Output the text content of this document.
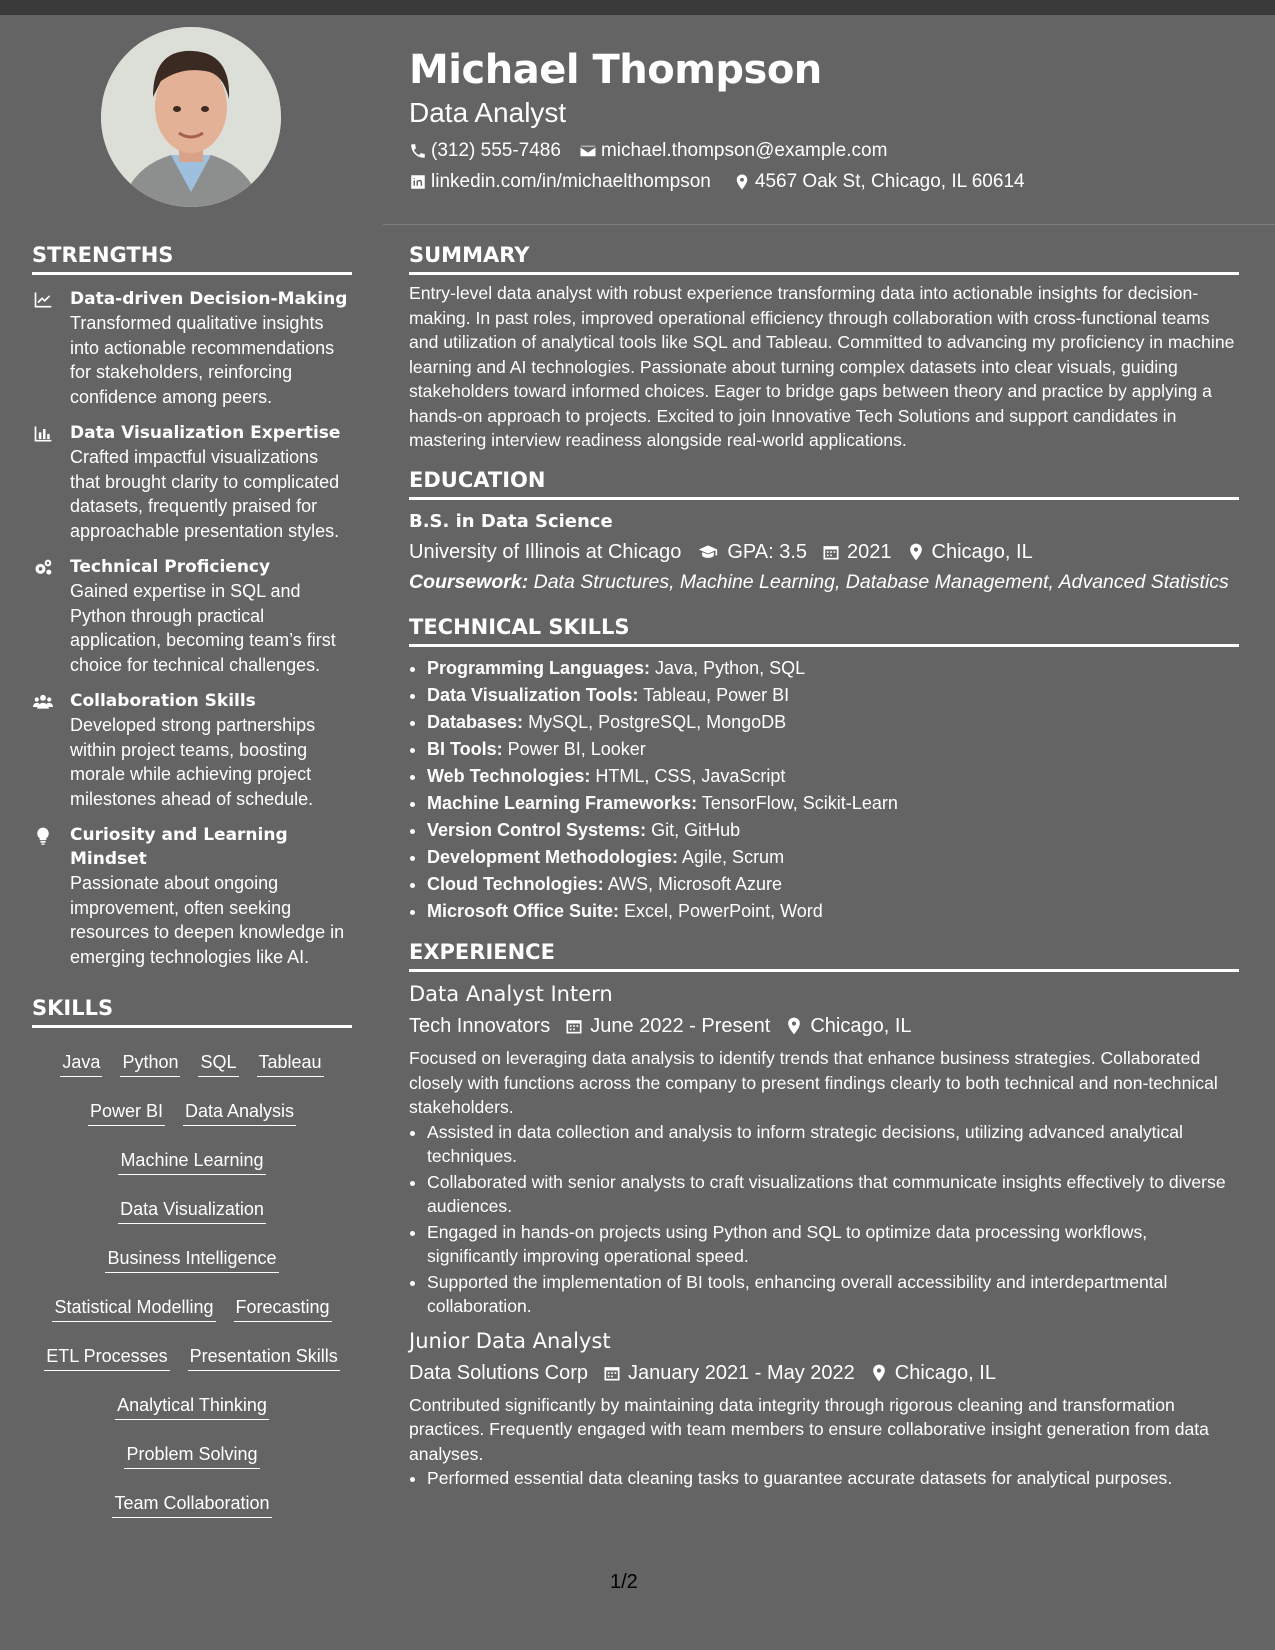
Michael Thompson
Data Analyst
(312) 555-7486 michael.thompson@example.com
linkedin.com/in/michaelthompson 4567 Oak St, Chicago, IL 60614
STRENGTHS
Data-driven Decision-Making
Transformed qualitative insights into actionable recommendations for stakeholders, reinforcing confidence among peers.
Data Visualization Expertise
Crafted impactful visualizations that brought clarity to complicated datasets, frequently praised for approachable presentation styles.
Technical Proficiency
Gained expertise in SQL and Python through practical application, becoming team’s first choice for technical challenges.
Collaboration Skills
Developed strong partnerships within project teams, boosting morale while achieving project milestones ahead of schedule.
Curiosity and Learning Mindset
Passionate about ongoing improvement, often seeking resources to deepen knowledge in emerging technologies like AI.
SKILLS
Java Python SQL Tableau
Power BI Data Analysis
Machine Learning
Data Visualization
Business Intelligence
Statistical Modelling Forecasting
ETL Processes Presentation Skills
Analytical Thinking
Problem Solving
Team Collaboration
SUMMARY
Entry-level data analyst with robust experience transforming data into actionable insights for decision-making. In past roles, improved operational efficiency through collaboration with cross-functional teams and utilization of analytical tools like SQL and Tableau. Committed to advancing my proficiency in machine learning and AI technologies. Passionate about turning complex datasets into clear visuals, guiding stakeholders toward informed choices. Eager to bridge gaps between theory and practice by applying a hands-on approach to projects. Excited to join Innovative Tech Solutions and support candidates in mastering interview readiness alongside real-world applications.
EDUCATION
B.S. in Data Science
University of Illinois at Chicago GPA: 3.5 2021 Chicago, IL
Coursework: Data Structures, Machine Learning, Database Management, Advanced Statistics
TECHNICAL SKILLS
• Programming Languages: Java, Python, SQL
• Data Visualization Tools: Tableau, Power BI
• Databases: MySQL, PostgreSQL, MongoDB
• BI Tools: Power BI, Looker
• Web Technologies: HTML, CSS, JavaScript
• Machine Learning Frameworks: TensorFlow, Scikit-Learn
• Version Control Systems: Git, GitHub
• Development Methodologies: Agile, Scrum
• Cloud Technologies: AWS, Microsoft Azure
• Microsoft Office Suite: Excel, PowerPoint, Word
EXPERIENCE
Data Analyst Intern
Tech Innovators June 2022 - Present Chicago, IL
Focused on leveraging data analysis to identify trends that enhance business strategies. Collaborated closely with functions across the company to present findings clearly to both technical and non-technical stakeholders.
• Assisted in data collection and analysis to inform strategic decisions, utilizing advanced analytical techniques.
• Collaborated with senior analysts to craft visualizations that communicate insights effectively to diverse audiences.
• Engaged in hands-on projects using Python and SQL to optimize data processing workflows, significantly improving operational speed.
• Supported the implementation of BI tools, enhancing overall accessibility and interdepartmental collaboration.
Junior Data Analyst
Data Solutions Corp January 2021 - May 2022 Chicago, IL
Contributed significantly by maintaining data integrity through rigorous cleaning and transformation practices. Frequently engaged with team members to ensure collaborative insight generation from data analyses.
• Performed essential data cleaning tasks to guarantee accurate datasets for analytical purposes.
1/2
